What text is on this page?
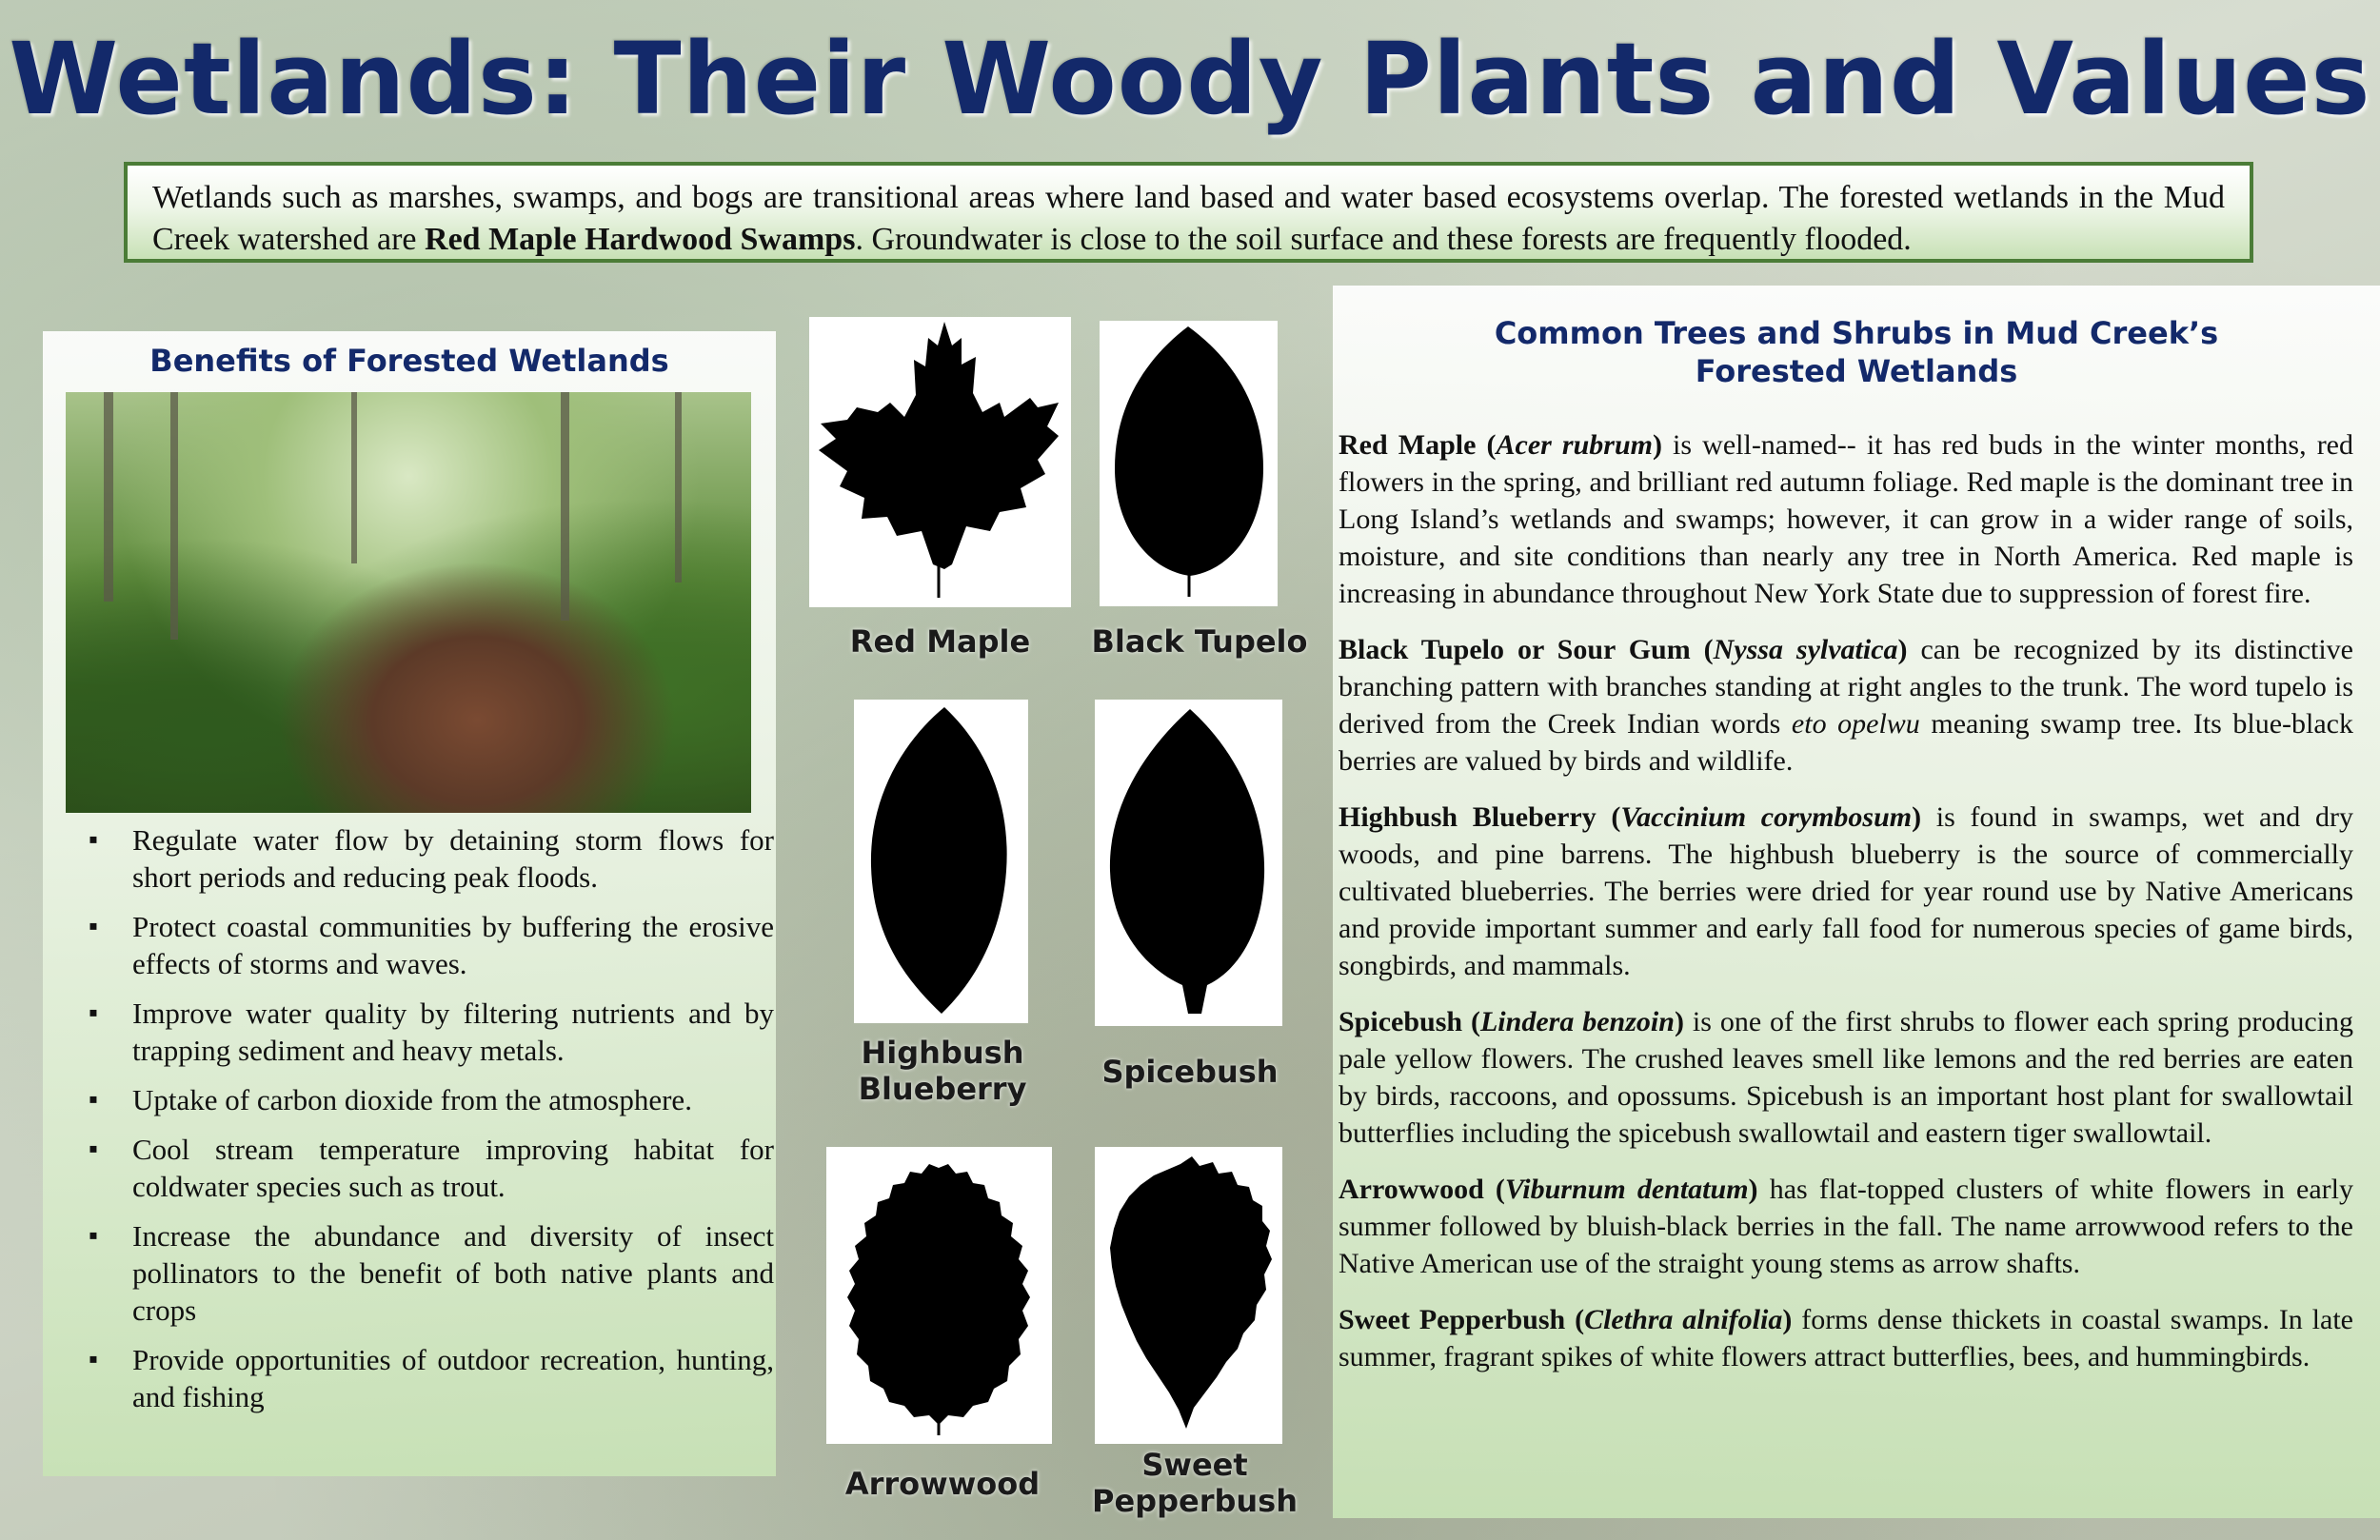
Wetlands: Their Woody Plants and Values
Wetlands such as marshes, swamps, and bogs are transitional areas where land based and water based ecosystems overlap. The forested wetlands in the Mud Creek watershed are Red Maple Hardwood Swamps. Groundwater is close to the soil surface and these forests are frequently flooded.
Benefits of Forested Wetlands
▪ Regulate water flow by detaining storm flows for short periods and reducing peak floods.
▪ Protect coastal communities by buffering the erosive effects of storms and waves.
▪ Improve water quality by filtering nutrients and by trapping sediment and heavy metals.
▪ Uptake of carbon dioxide from the atmosphere.
▪ Cool stream temperature improving habitat for coldwater species such as trout.
▪ Increase the abundance and diversity of insect pollinators to the benefit of both native plants and crops
▪ Provide opportunities of outdoor recreation, hunting, and fishing
Red Maple	Black Tupelo
Highbush
Blueberry	Spicebush
Arrowwood
Sweet
Pepperbush
Common Trees and Shrubs in Mud Creek’s
Forested Wetlands

Red Maple (Acer rubrum) is well-named-- it has red buds in the winter months, red flowers in the spring, and brilliant red autumn foliage. Red maple is the dominant tree in Long Island’s wetlands and swamps; however, it can grow in a wider range of soils, moisture, and site conditions than nearly any tree in North America. Red maple is increasing in abundance throughout New York State due to suppression of forest fire.

Black Tupelo or Sour Gum (Nyssa sylvatica) can be recognized by its distinctive branching pattern with branches standing at right angles to the trunk. The word tupelo is derived from the Creek Indian words eto opelwu meaning swamp tree. Its blue-black berries are valued by birds and wildlife.

Highbush Blueberry (Vaccinium corymbosum) is found in swamps, wet and dry woods, and pine barrens. The highbush blueberry is the source of commercially cultivated blueberries. The berries were dried for year round use by Native Americans and provide important summer and early fall food for numerous species of game birds, songbirds, and mammals.

Spicebush (Lindera benzoin) is one of the first shrubs to flower each spring producing pale yellow flowers. The crushed leaves smell like lemons and the red berries are eaten by birds, raccoons, and opossums. Spicebush is an important host plant for swallowtail butterflies including the spicebush swallowtail and eastern tiger swallowtail.

Arrowwood (Viburnum dentatum) has flat-topped clusters of white flowers in early summer followed by bluish-black berries in the fall. The name arrowwood refers to the Native American use of the straight young stems as arrow shafts.

Sweet Pepperbush (Clethra alnifolia) forms dense thickets in coastal swamps. In late summer, fragrant spikes of white flowers attract butterflies, bees, and hummingbirds.
